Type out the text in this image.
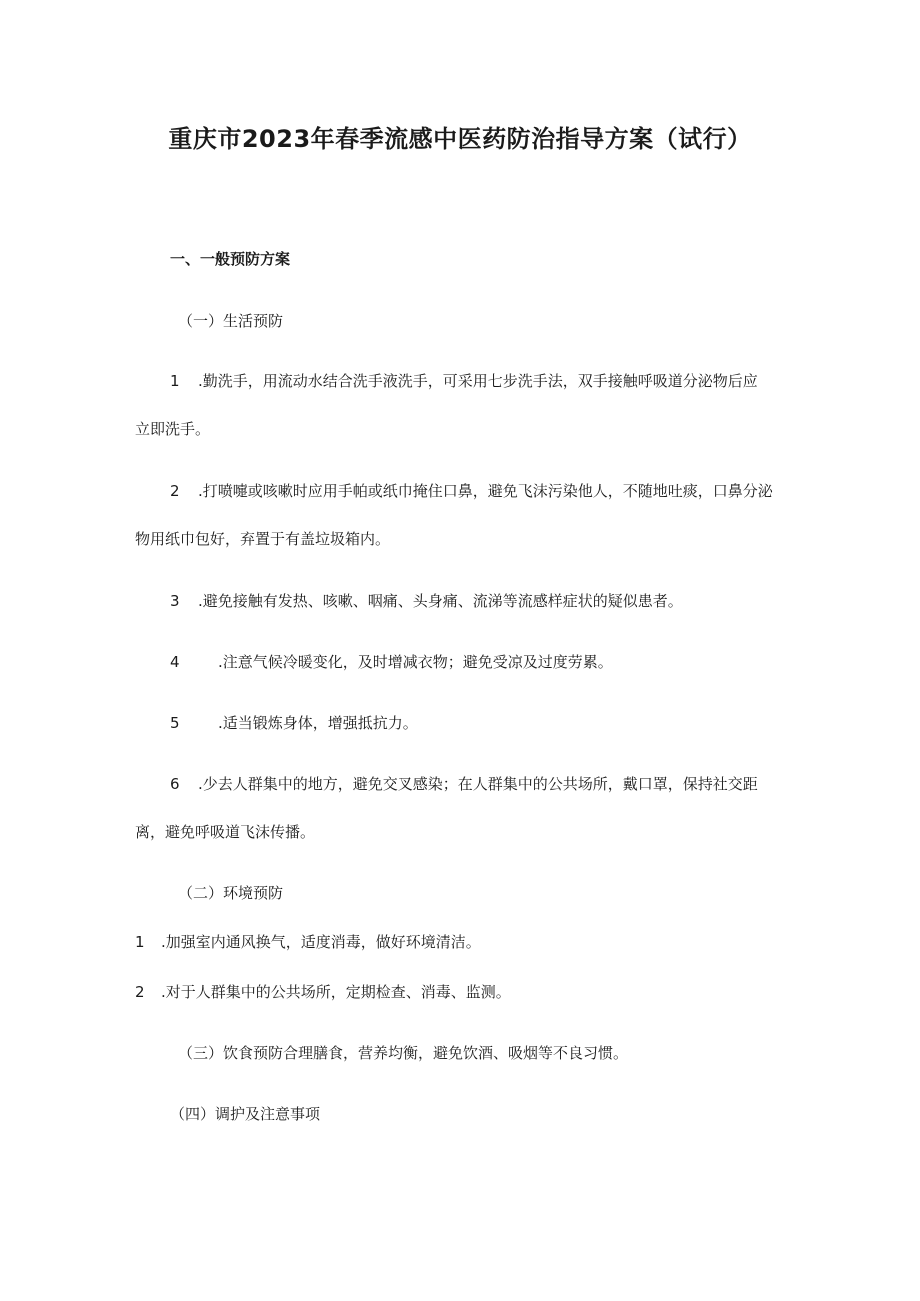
重庆市2023年春季流感中医药防治指导方案（试行）
一、一般预防方案
（一）生活预防
1 .勤洗手，用流动水结合洗手液洗手，可采用七步洗手法，双手接触呼吸道分泌物后应
立即洗手。
2 .打喷嚏或咳嗽时应用手帕或纸巾掩住口鼻，避免飞沫污染他人，不随地吐痰，口鼻分泌
物用纸巾包好，弃置于有盖垃圾箱内。
3 .避免接触有发热、咳嗽、咽痛、头身痛、流涕等流感样症状的疑似患者。
4	.注意气候冷暖变化，及时增减衣物；避免受凉及过度劳累。
5	.适当锻炼身体，增强抵抗力。
6 .少去人群集中的地方，避免交叉感染；在人群集中的公共场所，戴口罩，保持社交距
离，避免呼吸道飞沫传播。
（二）环境预防
1 .加强室内通风换气，适度消毒，做好环境清洁。
2 .对于人群集中的公共场所，定期检查、消毒、监测。
（三）饮食预防合理膳食，营养均衡，避免饮酒、吸烟等不良习惯。
（四）调护及注意事项
